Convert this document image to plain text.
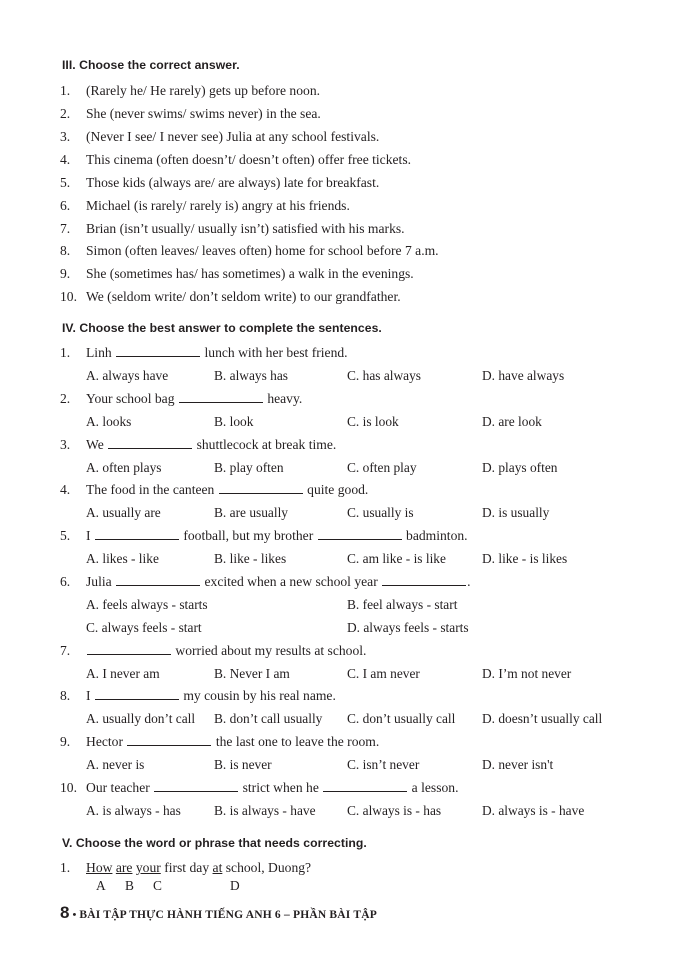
III. Choose the correct answer.
1.	(Rarely he/ He rarely) gets up before noon.
2.	She (never swims/ swims never) in the sea.
3.	(Never I see/ I never see) Julia at any school festivals.
4.	This cinema (often doesn’t/ doesn’t often) offer free tickets.
5.	Those kids (always are/ are always) late for breakfast.
6.	Michael (is rarely/ rarely is) angry at his friends.
7.	Brian (isn’t usually/ usually isn’t) satisfied with his marks.
8.	Simon (often leaves/ leaves often) home for school before 7 a.m.
9.	She (sometimes has/ has sometimes) a walk in the evenings.
10. We (seldom write/ don’t seldom write) to our grandfather.
IV. Choose the best answer to complete the sentences.
1.	Linh	lunch with her best friend.
A. always have	B. always has	C. has always	D. have always
2.	Your school bag	heavy.
A. looks	B. look	C. is look	D. are look
3.	We	shuttlecock at break time.
A. often plays	B. play often	C. often play	D. plays often
4.	The food in the canteen	quite good.
A. usually are	B. are usually	C. usually is	D. is usually
5.	I	football, but my brother	badminton.
A. likes - like	B. like - likes	C. am like - is like	D. like - is likes
6.	Julia	excited when a new school year	.
A. feels always - starts	B. feel always - start
C. always feels - start	D. always feels - starts
7.	worried about my results at school.
A. I never am	B. Never I am	C. I am never	D. I’m not never
8.	I	my cousin by his real name.
A. usually don’t call B. don’t call usually C. don’t usually call D. doesn’t usually call
9.	Hector	the last one to leave the room.
A. never is	B. is never	C. isn’t never	D. never isn't
10. Our teacher	strict when he	a lesson.
A. is always - has B. is always - have C. always is - has	D. always is - have
V. Choose the word or phrase that needs correcting.
1.	How are your first day at school, Duong?
A B C	D
8 • BÀI TẬP THỰC HÀNH TIẾNG ANH 6 – PHẦN BÀI TẬP
